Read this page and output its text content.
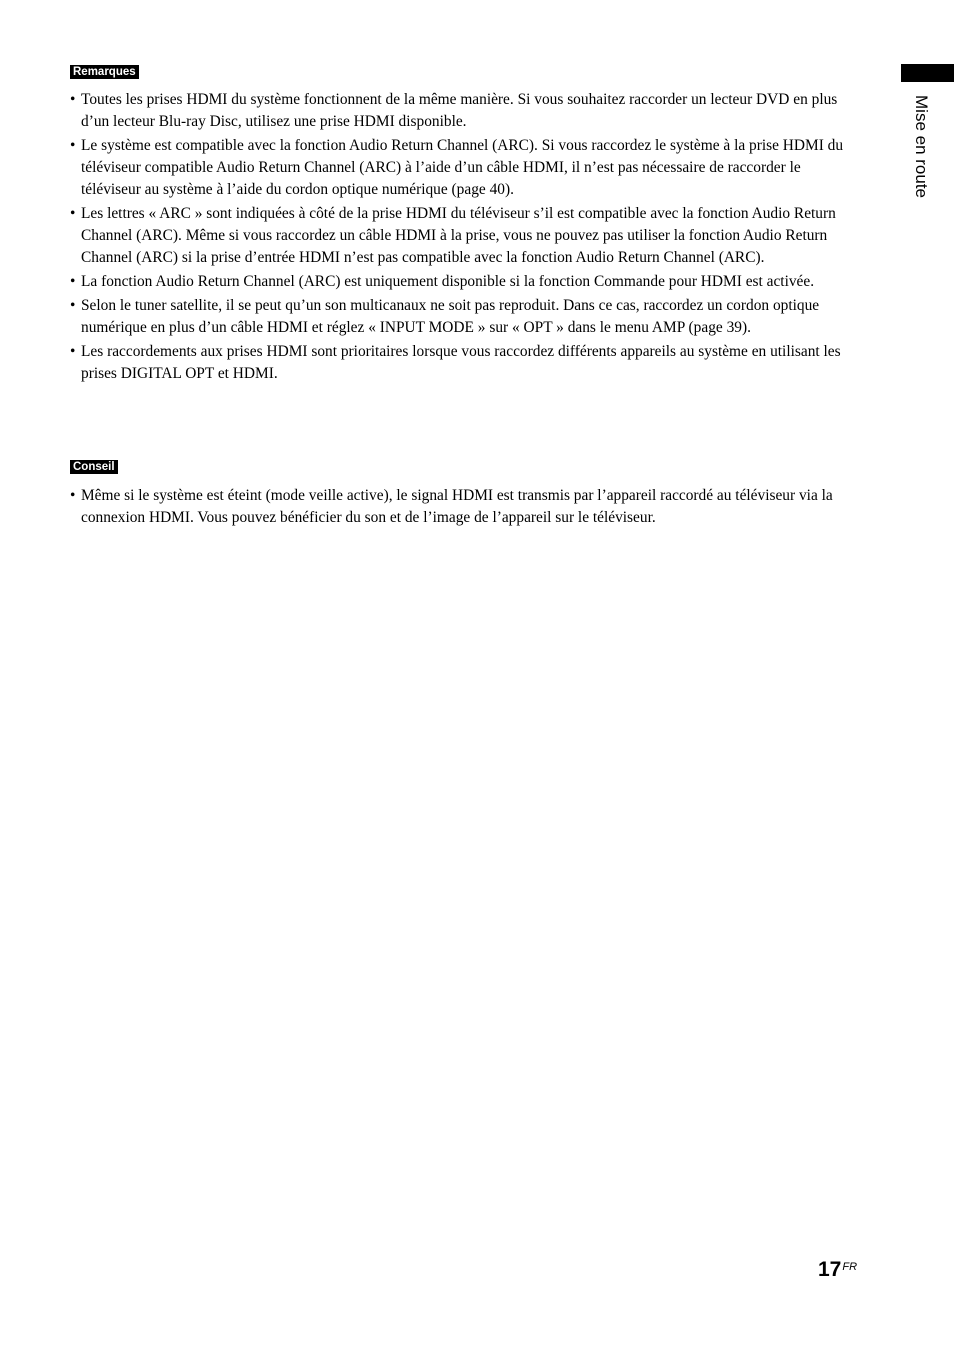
Mise en route
Remarques
• Toutes les prises HDMI du système fonctionnent de la même manière. Si vous souhaitez raccorder un lecteur DVD en plus d’un lecteur Blu-ray Disc, utilisez une prise HDMI disponible.
• Le système est compatible avec la fonction Audio Return Channel (ARC). Si vous raccordez le système à la prise HDMI du téléviseur compatible Audio Return Channel (ARC) à l’aide d’un câble HDMI, il n’est pas nécessaire de raccorder le téléviseur au système à l’aide du cordon optique numérique (page 40).
• Les lettres « ARC » sont indiquées à côté de la prise HDMI du téléviseur s’il est compatible avec la fonction Audio Return Channel (ARC). Même si vous raccordez un câble HDMI à la prise, vous ne pouvez pas utiliser la fonction Audio Return Channel (ARC) si la prise d’entrée HDMI n’est pas compatible avec la fonction Audio Return Channel (ARC).
• La fonction Audio Return Channel (ARC) est uniquement disponible si la fonction Commande pour HDMI est activée.
• Selon le tuner satellite, il se peut qu’un son multicanaux ne soit pas reproduit. Dans ce cas, raccordez un cordon optique numérique en plus d’un câble HDMI et réglez « INPUT MODE » sur « OPT » dans le menu AMP (page 39).
• Les raccordements aux prises HDMI sont prioritaires lorsque vous raccordez différents appareils au système en utilisant les prises DIGITAL OPT et HDMI.
Conseil
• Même si le système est éteint (mode veille active), le signal HDMI est transmis par l’appareil raccordé au téléviseur via la connexion HDMI. Vous pouvez bénéficier du son et de l’image de l’appareil sur le téléviseur.
$17^{FR}$
